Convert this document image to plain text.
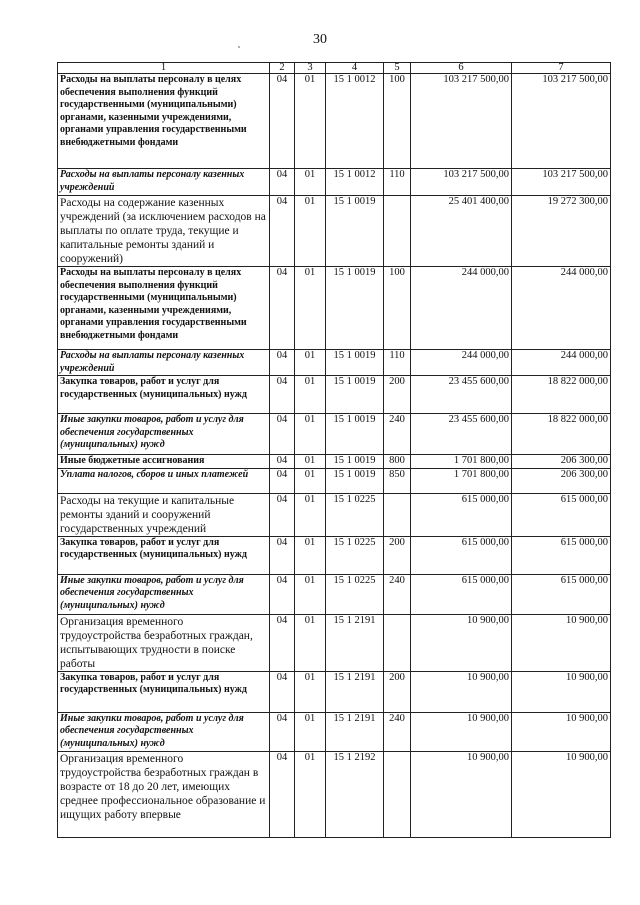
30
1	2	3	4	5	6	7
Расходы на выплаты персоналу в целях обеспечения выполнения функций государственными (муниципальными) органами, казенными учреждениями, органами управления государственными внебюджетными фондами	04	01	15 1 0012	100	103 217 500,00	103 217 500,00
Расходы на выплаты персоналу казенных учреждений	04	01	15 1 0012	110	103 217 500,00	103 217 500,00
Расходы на содержание казенных учреждений (за исключением расходов на выплаты по оплате труда, текущие и капитальные ремонты зданий и сооружений)	04	01	15 1 0019		25 401 400,00	19 272 300,00
Расходы на выплаты персоналу в целях обеспечения выполнения функций государственными (муниципальными) органами, казенными учреждениями, органами управления государственными внебюджетными фондами	04	01	15 1 0019	100	244 000,00	244 000,00
Расходы на выплаты персоналу казенных учреждений	04	01	15 1 0019	110	244 000,00	244 000,00
Закупка товаров, работ и услуг для государственных (муниципальных) нужд	04	01	15 1 0019	200	23 455 600,00	18 822 000,00
Иные закупки товаров, работ и услуг для обеспечения государственных (муниципальных) нужд	04	01	15 1 0019	240	23 455 600,00	18 822 000,00
Иные бюджетные ассигнования	04	01	15 1 0019	800	1 701 800,00	206 300,00
Уплата налогов, сборов и иных платежей	04	01	15 1 0019	850	1 701 800,00	206 300,00
Расходы на текущие и капитальные ремонты зданий и сооружений государственных учреждений	04	01	15 1 0225		615 000,00	615 000,00
Закупка товаров, работ и услуг для государственных (муниципальных) нужд	04	01	15 1 0225	200	615 000,00	615 000,00
Иные закупки товаров, работ и услуг для обеспечения государственных (муниципальных) нужд	04	01	15 1 0225	240	615 000,00	615 000,00
Организация временного трудоустройства безработных граждан, испытывающих трудности в поиске работы	04	01	15 1 2191		10 900,00	10 900,00
Закупка товаров, работ и услуг для государственных (муниципальных) нужд	04	01	15 1 2191	200	10 900,00	10 900,00
Иные закупки товаров, работ и услуг для обеспечения государственных (муниципальных) нужд	04	01	15 1 2191	240	10 900,00	10 900,00
Организация временного трудоустройства безработных граждан в возрасте от 18 до 20 лет, имеющих среднее профессиональное образование и ищущих работу впервые	04	01	15 1 2192		10 900,00	10 900,00
